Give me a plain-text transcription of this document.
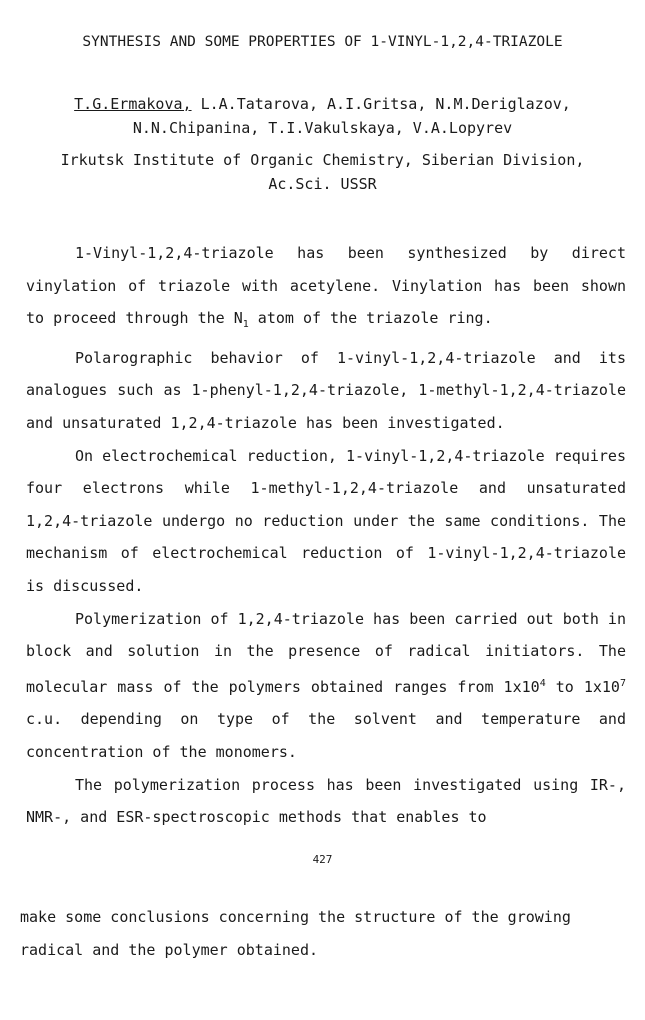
SYNTHESIS AND SOME PROPERTIES OF 1-VINYL-1,2,4-TRIAZOLE
T.G.Ermakova, L.A.Tatarova, A.I.Gritsa, N.M.Deriglazov,
N.N.Chipanina, T.I.Vakulskaya, V.A.Lopyrev
Irkutsk Institute of Organic Chemistry, Siberian Division,
Ac.Sci. USSR

1-Vinyl-1,2,4-triazole has been synthesized by direct vinylation of triazole with acetylene. Vinylation has been shown to proceed through the $N_1$ atom of the triazole ring.

Polarographic behavior of 1-vinyl-1,2,4-triazole and its analogues such as 1-phenyl-1,2,4-triazole, 1-methyl-1,2,4-triazole and unsaturated 1,2,4-triazole has been investigated.

On electrochemical reduction, 1-vinyl-1,2,4-triazole requires four electrons while 1-methyl-1,2,4-triazole and unsaturated 1,2,4-triazole undergo no reduction under the same conditions. The mechanism of electrochemical reduction of 1-vinyl-1,2,4-triazole is discussed.

Polymerization of 1,2,4-triazole has been carried out both in block and solution in the presence of radical initiators. The molecular mass of the polymers obtained ranges from $1x10^4$ to $1x10^7$ c.u. depending on type of the solvent and temperature and concentration of the monomers.

The polymerization process has been investigated using IR-, NMR-, and ESR-spectroscopic methods that enables to

427

make some conclusions concerning the structure of the growing radical and the polymer obtained.
